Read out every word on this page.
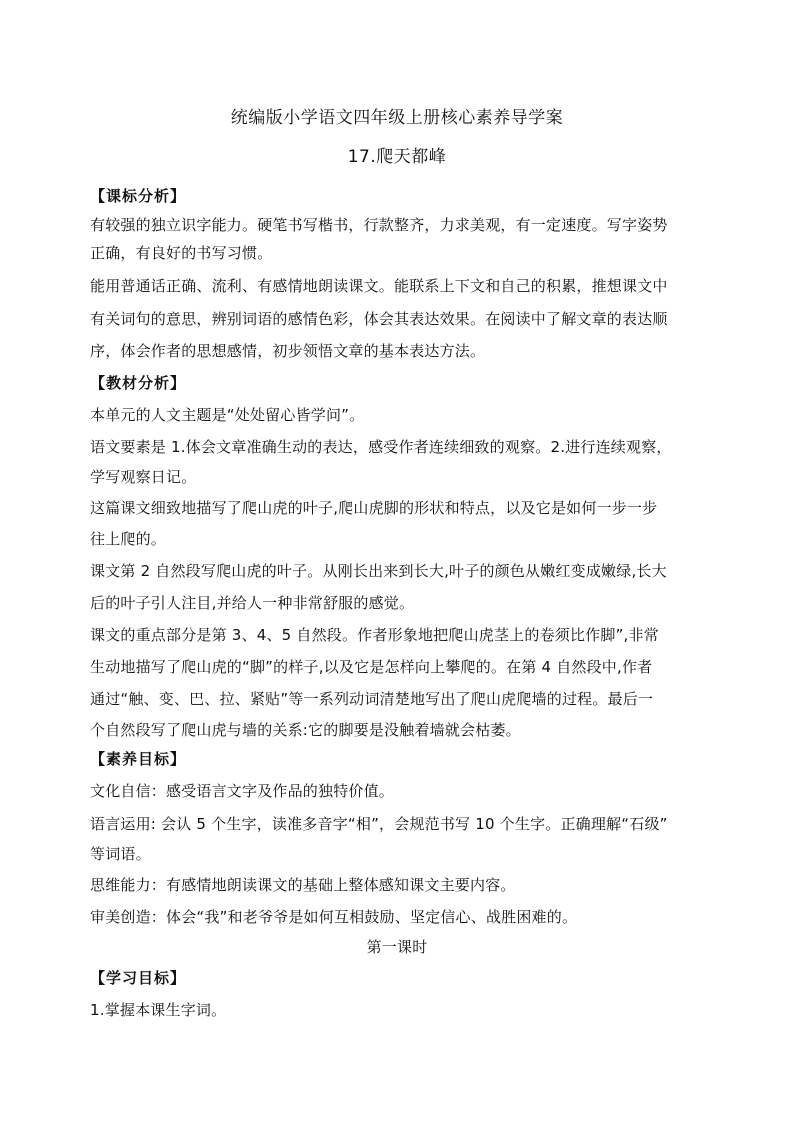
统编版小学语文四年级上册核心素养导学案
17.爬天都峰
【课标分析】
有较强的独立识字能力。硬笔书写楷书，行款整齐，力求美观，有一定速度。写字姿势
正确，有良好的书写习惯。
能用普通话正确、流利、有感情地朗读课文。能联系上下文和自己的积累，推想课文中
有关词句的意思，辨别词语的感情色彩，体会其表达效果。在阅读中了解文章的表达顺
序，体会作者的思想感情，初步领悟文章的基本表达方法。
【教材分析】
本单元的人文主题是“处处留心皆学问”。
语文要素是 1.体会文章准确生动的表达，感受作者连续细致的观察。2.进行连续观察，
学写观察日记。
这篇课文细致地描写了爬山虎的叶子,爬山虎脚的形状和特点，以及它是如何一步一步
往上爬的。
课文第 2 自然段写爬山虎的叶子。从刚长出来到长大,叶子的颜色从嫩红变成嫩绿,长大
后的叶子引人注目,并给人一种非常舒服的感觉。
课文的重点部分是第 3、4、5 自然段。作者形象地把爬山虎茎上的卷须比作脚”,非常
生动地描写了爬山虎的“脚”的样子,以及它是怎样向上攀爬的。在第 4 自然段中,作者
通过“触、变、巴、拉、紧贴”等一系列动词清楚地写出了爬山虎爬墙的过程。最后一
个自然段写了爬山虎与墙的关系:它的脚要是没触着墙就会枯萎。
【素养目标】
文化自信：感受语言文字及作品的独特价值。
语言运用: 会认 5 个生字，读准多音字“相”，会规范书写 10 个生字。正确理解“石级”
等词语。
思维能力：有感情地朗读课文的基础上整体感知课文主要内容。
审美创造：体会“我”和老爷爷是如何互相鼓励、坚定信心、战胜困难的。
第一课时
【学习目标】
1.掌握本课生字词。
